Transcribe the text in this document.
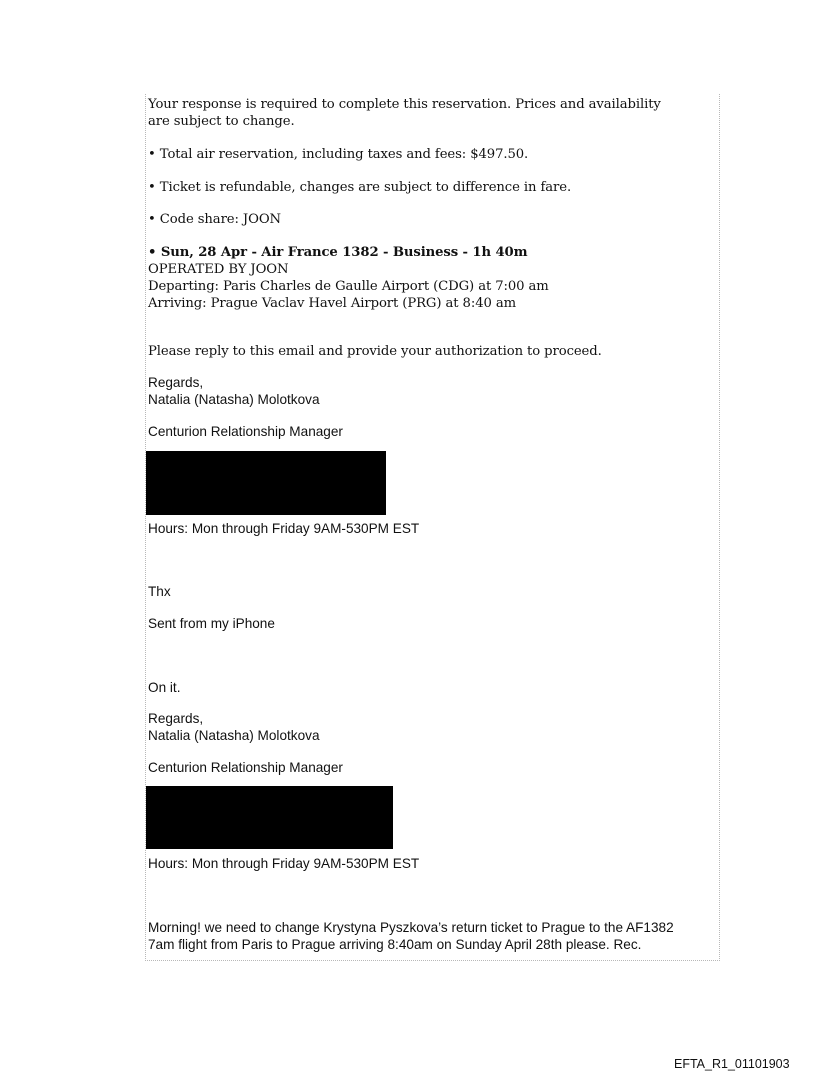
Your response is required to complete this reservation. Prices and availability
are subject to change.
• Total air reservation, including taxes and fees: $497.50.
• Ticket is refundable, changes are subject to difference in fare.
• Code share: JOON
• Sun, 28 Apr - Air France 1382 - Business - 1h 40m
OPERATED BY JOON
Departing: Paris Charles de Gaulle Airport (CDG) at 7:00 am
Arriving: Prague Vaclav Havel Airport (PRG) at 8:40 am
Please reply to this email and provide your authorization to proceed.
Regards,
Natalia (Natasha) Molotkova
Centurion Relationship Manager
Hours: Mon through Friday 9AM-530PM EST
Thx
Sent from my iPhone
On it.
Regards,
Natalia (Natasha) Molotkova
Centurion Relationship Manager
Hours: Mon through Friday 9AM-530PM EST
Morning! we need to change Krystyna Pyszkova’s return ticket to Prague to the AF1382
7am flight from Paris to Prague arriving 8:40am on Sunday April 28th please. Rec.
EFTA_R1_01101903
